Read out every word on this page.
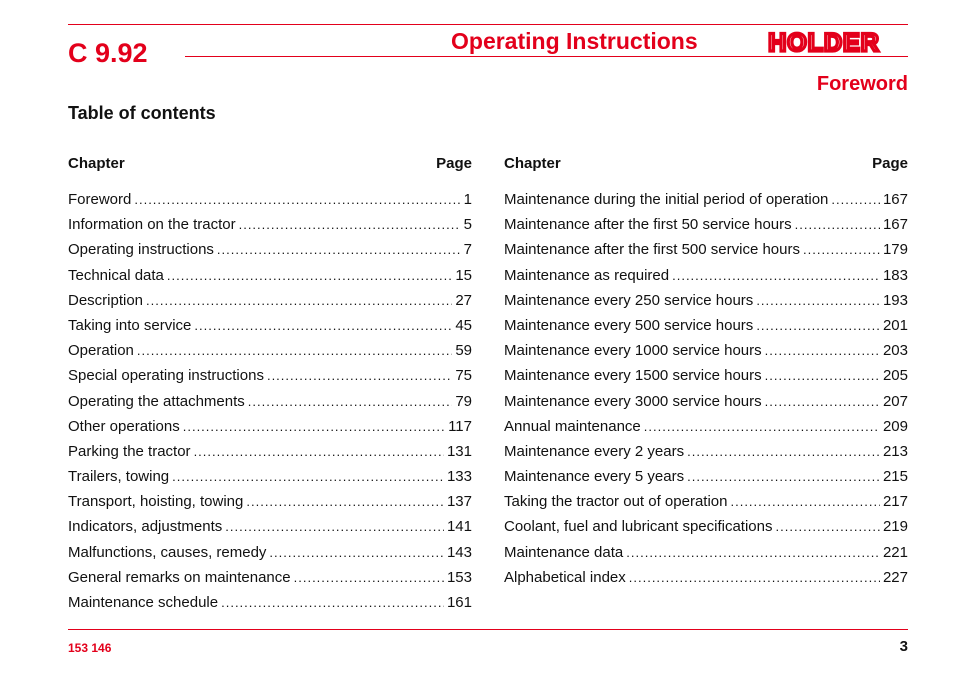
C 9.92	Operating Instructions	HOLDER
Foreword
Table of contents
Chapter	Page
Foreword .....	1
Information on the tractor .....	5
Operating instructions .....	7
Technical data .....	15
Description .....	27
Taking into service .....	45
Operation .....	59
Special operating instructions .....	75
Operating the attachments .....	79
Other operations .....	117
Parking the tractor .....	131
Trailers, towing .....	133
Transport, hoisting, towing .....	137
Indicators, adjustments .....	141
Malfunctions, causes, remedy .....	143
General remarks on maintenance .....	153
Maintenance schedule .....	161
Chapter	Page
Maintenance during the initial period of operation .....	167
Maintenance after the first 50 service hours .....	167
Maintenance after the first 500 service hours .....	179
Maintenance as required .....	183
Maintenance every 250 service hours .....	193
Maintenance every 500 service hours .....	201
Maintenance every 1000 service hours .....	203
Maintenance every 1500 service hours .....	205
Maintenance every 3000 service hours .....	207
Annual maintenance .....	209
Maintenance every 2 years .....	213
Maintenance every 5 years .....	215
Taking the tractor out of operation .....	217
Coolant, fuel and lubricant specifications .....	219
Maintenance data .....	221
Alphabetical index .....	227
153 146	3
